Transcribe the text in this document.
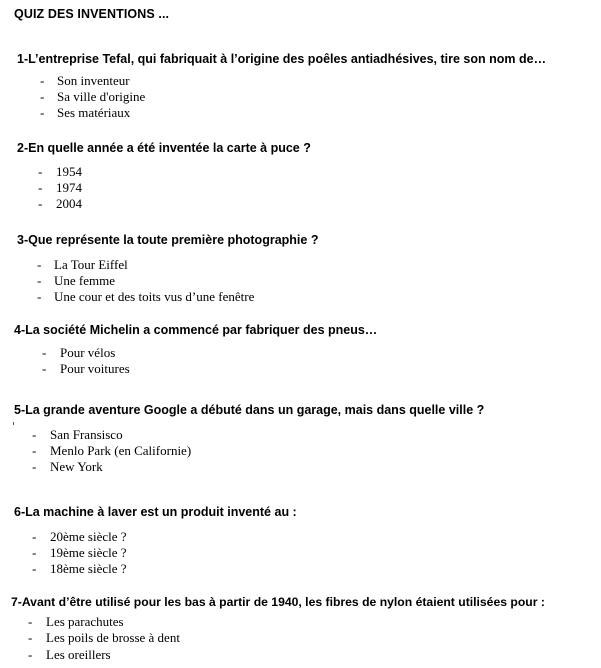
QUIZ DES INVENTIONS ...
1-L’entreprise Tefal, qui fabriquait à l’origine des poêles antiadhésives, tire son nom de…
- Son inventeur
- Sa ville d'origine
- Ses matériaux
2-En quelle année a été inventée la carte à puce ?
- 1954
- 1974
- 2004
3-Que représente la toute première photographie ?
- La Tour Eiffel
- Une femme
- Une cour et des toits vus d’une fenêtre
4-La société Michelin a commencé par fabriquer des pneus…
- Pour vélos
- Pour voitures
5-La grande aventure Google a débuté dans un garage, mais dans quelle ville ?
- San Fransisco
- Menlo Park (en Californie)
- New York
6-La machine à laver est un produit inventé au :
- 20ème siècle ?
- 19ème siècle ?
- 18ème siècle ?
7-Avant d’être utilisé pour les bas à partir de 1940, les fibres de nylon étaient utilisées pour :
- Les parachutes
- Les poils de brosse à dent
- Les oreillers
